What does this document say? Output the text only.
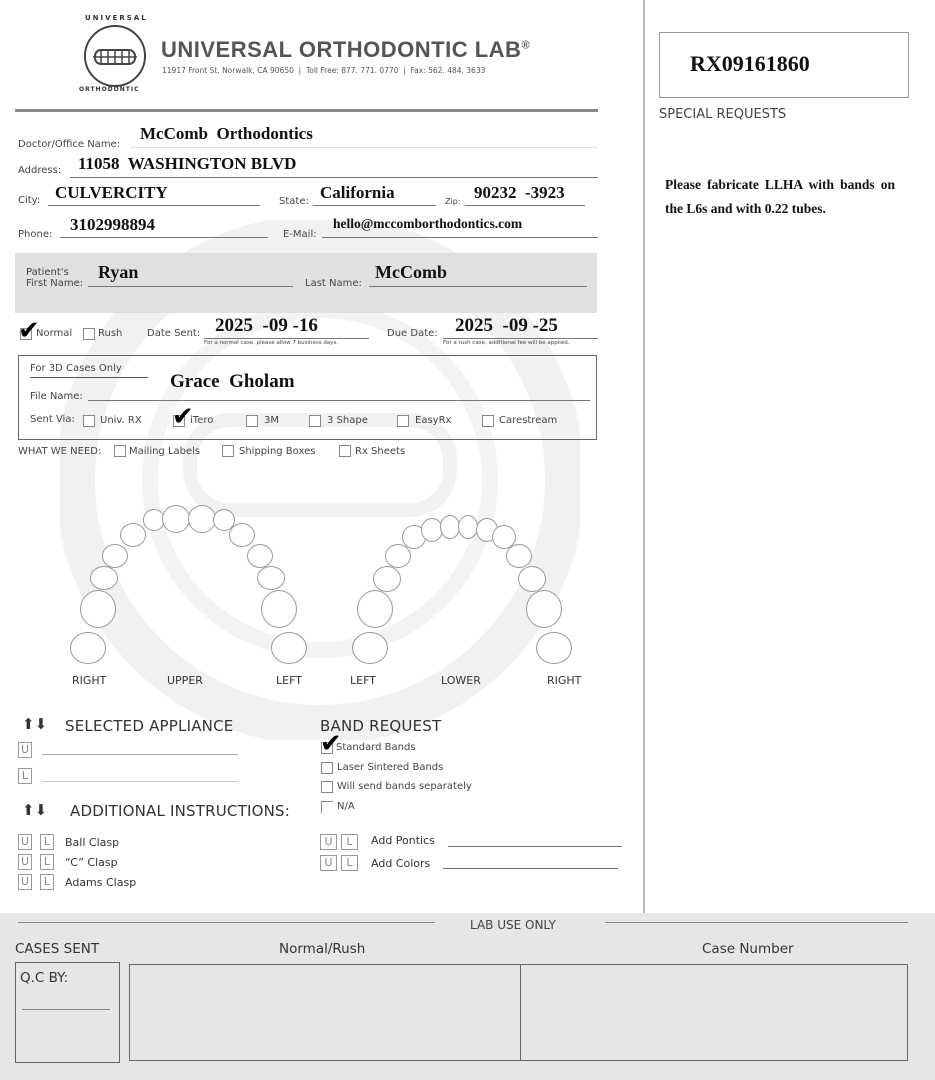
UNIVERSAL
ORTHODONTIC
UNIVERSAL ORTHODONTIC LAB®
11917 Front St. Norwalk, CA 90650  |  Toll Free: 877. 771. 0770  |  Fax: 562. 484. 3633	RX09161860
SPECIAL REQUESTS
Please fabricate LLHA with bands on the L6s and with 0.22 tubes.
Doctor/Office Name:
McComb  Orthodontics
Address: 11058  WASHINGTON BLVD
City: CULVERCITY	State: California	Zip: 90232  -3923
Phone:
3102998894
E-Mail:
hello@mccomborthodontics.com
Patient's
First Name:
Ryan
Last Name:
McComb
✔
Normal	Rush Date Sent: 2025  -09 -16
For a normal case, please allow 7 business days.
Due Date: 2025  -09 -25
For a rush case, additional fee will be applied.
For 3D Cases Only
File Name:
Grace  Gholam
Sent Via:	Univ. RX ✔
iTero	3M	3 Shape	EasyRx	Carestream
WHAT WE NEED:	Mailing Labels	Shipping Boxes	Rx Sheets
RIGHT	UPPER	LEFT	LEFT	LOWER	RIGHT
⬆⬇ SELECTED APPLIANCE
U
L
BAND REQUEST
✔
Standard Bands
Laser Sintered Bands
Will send bands separately
N/A
⬆⬇ ADDITIONAL INSTRUCTIONS:
U	L	Ball Clasp
U	L	“C” Clasp
U	L	Adams Clasp
U	L	Add Pontics
U	L	Add Colors
LAB USE ONLY
CASES SENT	Normal/Rush	Case Number
Q.C BY:
